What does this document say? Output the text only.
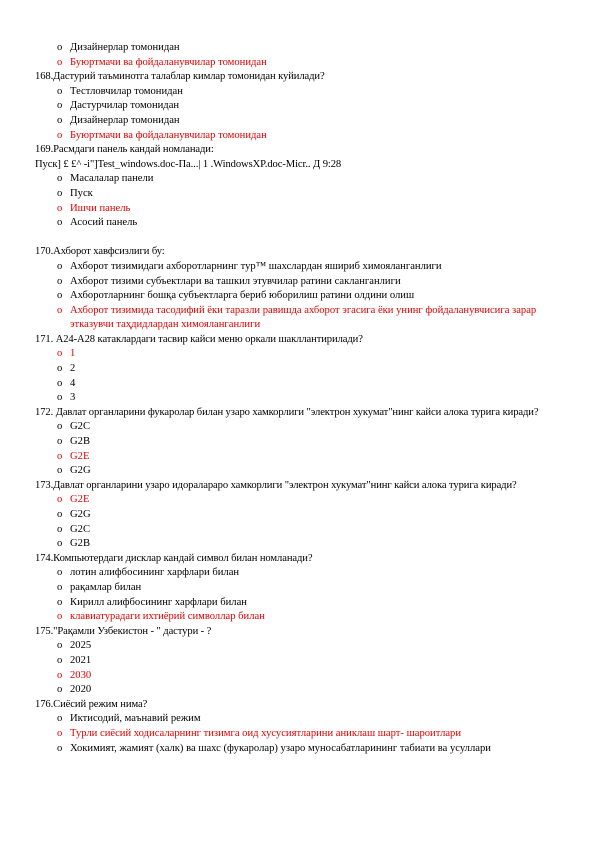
o Дизайнерлар томонидан
o Буюртмачи ва фойдаланувчилар томонидан
168.Дастурий таъминотга талаблар кимлар томонидан куйилади?
o Тестловчилар томонидан
o Дастурчилар томонидан
o Дизайнерлар томонидан
o Буюртмачи ва фойдаланувчилар томонидан
169.Расмдаги панель кандай номланади:
Пуск] £ £^ -i"]Test_windows.doc-Па...| 1 .WindowsXP.doc-Micr.. Д 9:28
o Масалалар панели
o Пуск
o Ишчи панель
o Асосий панель
170.Ахборот хавфсизлиги бу:
o Ахборот тизимидаги ахборотларнинг тур™ шахслардан яшириб химояланганлиги
o Ахборот тизими субъектлари ва ташкил этувчилар ратини сакланганлиги
o Ахборотларнинг бошқа субъектларга бериб юборилиш ратини олдини олиш
o Ахборот тизимида тасодифий ёки таразли равишда ахборот эгасига ёки унинг фойдаланувчисига зарар этказувчи таҳдидлардан химояланганлиги
171. А24-А28 катаклардаги тасвир кайси меню оркали шакллантирилади?
o 1
o 2
o 4
o 3
172. Давлат органларини фукаролар билан узаро хамкорлиги "электрон хукумат"нинг кайси алока турига киради?
o G2C
o G2B
o G2E
o G2G
173.Давлат органларини узаро идоралараро хамкорлиги "электрон хукумат"нинг кайси алока турига киради?
o G2E
o G2G
o G2C
o G2B
174.Компьютердаги дисклар кандай символ билан номланади?
o лотин алифбосининг харфлари билан
o рақамлар билан
o Кирилл алифбосининг харфлари билан
o клавиатурадаги ихтиёрий символлар билан
175."Рақамли Узбекистон - " дастури - ?
o 2025
o 2021
o 2030
o 2020
176.Сиёсий режим нима?
o Иктисодий, маънавий режим
o Турли сиёсий ходисаларнинг тизимга оид хусусиятларини аниклаш шарт- шароитлари
o Хокимият, жамият (халк) ва шахс (фукаролар) узаро муносабатларининг табиати ва усуллари
